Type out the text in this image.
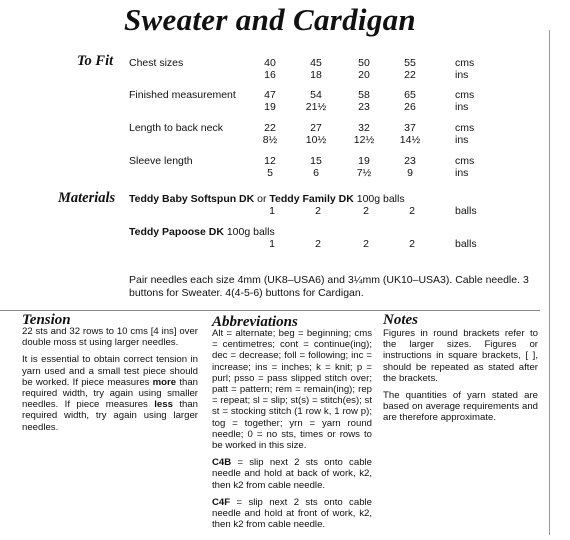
Sweater and Cardigan
To Fit Chest sizes	40	45	50	55	cms
16	18	20	22	ins
Finished measurement	47	54	58	65	cms
19	21½	23	26	ins
Length to back neck	22	27	32	37	cms
8½	10½	12½	14½	ins
Sleeve length	12	15	19	23	cms
5	6	7½	9	ins
Materials Teddy Baby Softspun DK or Teddy Family DK 100g balls
1	2	2	2	balls
Teddy Papoose DK 100g balls
1	2	2	2	balls
Pair needles each size 4mm (UK8–USA6) and 3¼mm (UK10–USA3). Cable needle. 3 buttons for Sweater. 4(4-5-6) buttons for Cardigan.
Tension

22 sts and 32 rows to 10 cms [4 ins] over double moss st using larger needles.

It is essential to obtain correct tension in yarn used and a small test piece should be worked. If piece measures more than required width, try again using smaller needles. If piece measures less than required width, try again using larger needles.

Abbreviations

Alt = alternate; beg = beginning; cms = centimetres; cont = continue(ing); dec = decrease; foll = following; inc = increase; ins = inches; k = knit; p = purl; psso = pass slipped stitch over; patt = pattern; rem = remain(ing); rep = repeat; sl = slip; st(s) = stitch(es); st st = stocking stitch (1 row k, 1 row p); tog = together; yrn = yarn round needle; 0 = no sts, times or rows to be worked in this size.

C4B = slip next 2 sts onto cable needle and hold at back of work, k2, then k2 from cable needle.

C4F = slip next 2 sts onto cable needle and hold at front of work, k2, then k2 from cable needle.

Notes

Figures in round brackets refer to the larger sizes. Figures or instructions in square brackets, [ ], should be repeated as stated after the brackets.

The quantities of yarn stated are based on average requirements and are therefore approximate.
